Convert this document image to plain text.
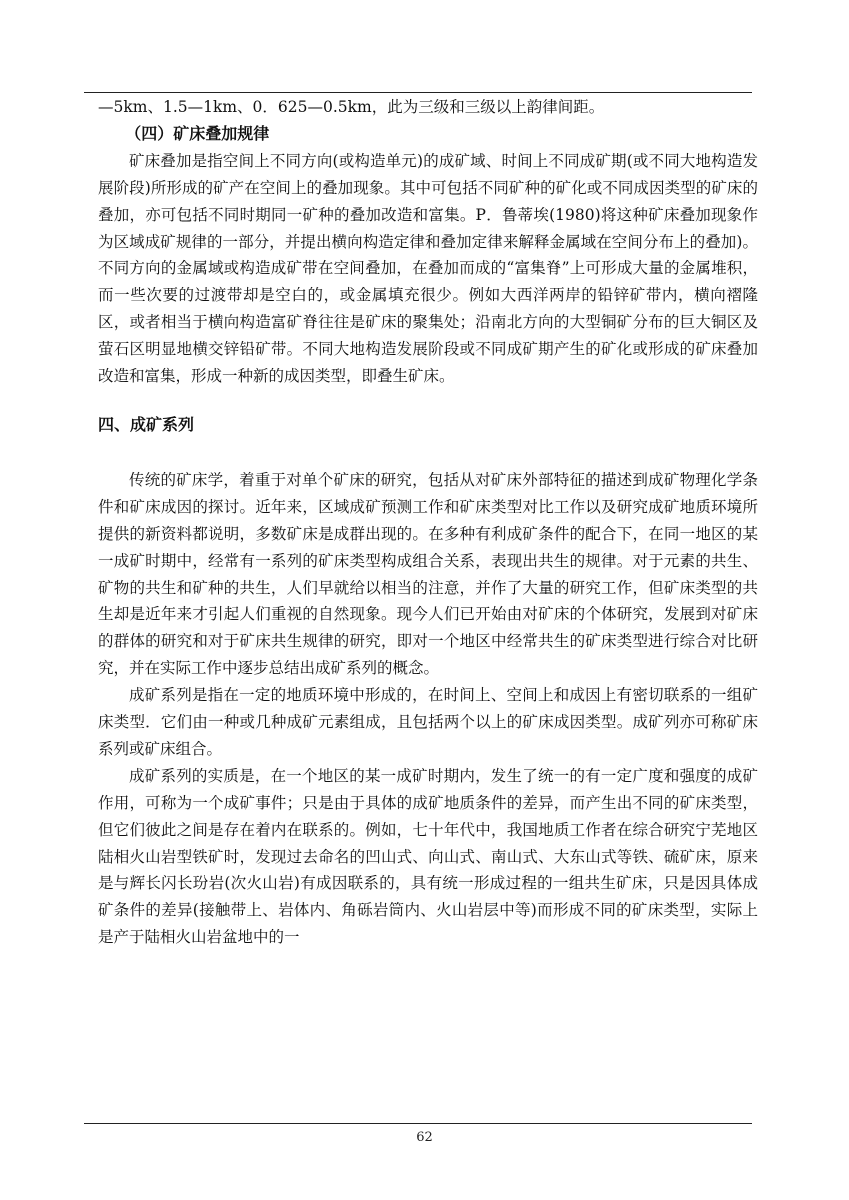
—5km、1.5—1km、0．625—0.5km，此为三级和三级以上韵律间距。

（四）矿床叠加规律

矿床叠加是指空间上不同方向(或构造单元)的成矿域、时间上不同成矿期(或不同大地构造发展阶段)所形成的矿产在空间上的叠加现象。其中可包括不同矿种的矿化或不同成因类型的矿床的叠加，亦可包括不同时期同一矿种的叠加改造和富集。P．鲁蒂埃(1980)将这种矿床叠加现象作为区域成矿规律的一部分，并提出横向构造定律和叠加定律来解释金属域在空间分布上的叠加)。不同方向的金属域或构造成矿带在空间叠加，在叠加而成的“富集脊”上可形成大量的金属堆积，而一些次要的过渡带却是空白的，或金属填充很少。例如大西洋两岸的铅锌矿带内，横向褶隆区，或者相当于横向构造富矿脊往往是矿床的聚集处；沿南北方向的大型铜矿分布的巨大铜区及萤石区明显地横交锌铅矿带。不同大地构造发展阶段或不同成矿期产生的矿化或形成的矿床叠加改造和富集，形成一种新的成因类型，即叠生矿床。

四、成矿系列

传统的矿床学，着重于对单个矿床的研究，包括从对矿床外部特征的描述到成矿物理化学条件和矿床成因的探讨。近年来，区域成矿预测工作和矿床类型对比工作以及研究成矿地质环境所提供的新资料都说明，多数矿床是成群出现的。在多种有利成矿条件的配合下，在同一地区的某一成矿时期中，经常有一系列的矿床类型构成组合关系，表现出共生的规律。对于元素的共生、矿物的共生和矿种的共生，人们早就给以相当的注意，并作了大量的研究工作，但矿床类型的共生却是近年来才引起人们重视的自然现象。现今人们已开始由对矿床的个体研究，发展到对矿床的群体的研究和对于矿床共生规律的研究，即对一个地区中经常共生的矿床类型进行综合对比研究，并在实际工作中逐步总结出成矿系列的概念。

成矿系列是指在一定的地质环境中形成的，在时间上、空间上和成因上有密切联系的一组矿床类型．它们由一种或几种成矿元素组成，且包括两个以上的矿床成因类型。成矿列亦可称矿床系列或矿床组合。

成矿系列的实质是，在一个地区的某一成矿时期内，发生了统一的有一定广度和强度的成矿作用，可称为一个成矿事件；只是由于具体的成矿地质条件的差异，而产生出不同的矿床类型，但它们彼此之间是存在着内在联系的。例如，七十年代中，我国地质工作者在综合研究宁芜地区陆相火山岩型铁矿时，发现过去命名的凹山式、向山式、南山式、大东山式等铁、硫矿床，原来是与辉长闪长玢岩(次火山岩)有成因联系的，具有统一形成过程的一组共生矿床，只是因具体成矿条件的差异(接触带上、岩体内、角砾岩筒内、火山岩层中等)而形成不同的矿床类型，实际上是产于陆相火山岩盆地中的一

62
